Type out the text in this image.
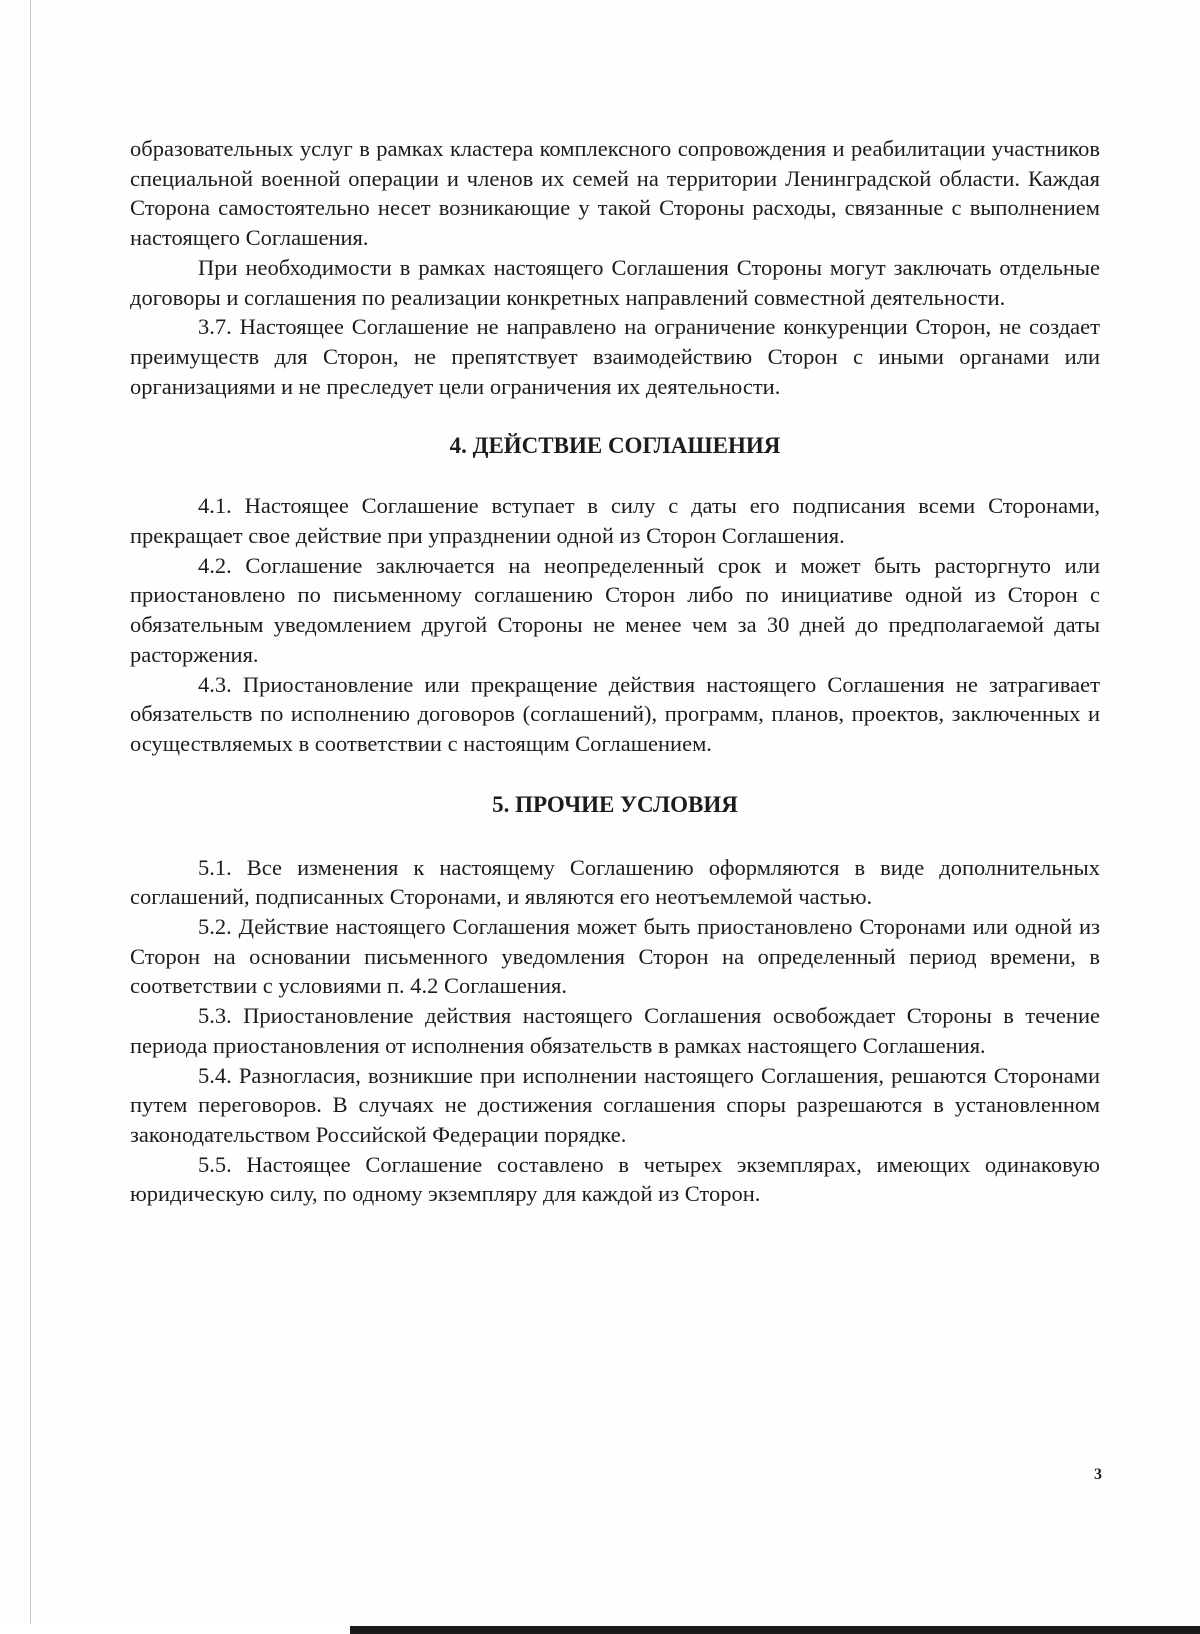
образовательных услуг в рамках кластера комплексного сопровождения и реабилитации участников специальной военной операции и членов их семей на территории Ленинградской области. Каждая Сторона самостоятельно несет возникающие у такой Стороны расходы, связанные с выполнением настоящего Соглашения.

При необходимости в рамках настоящего Соглашения Стороны могут заключать отдельные договоры и соглашения по реализации конкретных направлений совместной деятельности.

3.7. Настоящее Соглашение не направлено на ограничение конкуренции Сторон, не создает преимуществ для Сторон, не препятствует взаимодействию Сторон с иными органами или организациями и не преследует цели ограничения их деятельности.

4. ДЕЙСТВИЕ СОГЛАШЕНИЯ

4.1. Настоящее Соглашение вступает в силу с даты его подписания всеми Сторонами, прекращает свое действие при упразднении одной из Сторон Соглашения.

4.2. Соглашение заключается на неопределенный срок и может быть расторгнуто или приостановлено по письменному соглашению Сторон либо по инициативе одной из Сторон с обязательным уведомлением другой Стороны не менее чем за 30 дней до предполагаемой даты расторжения.

4.3. Приостановление или прекращение действия настоящего Соглашения не затрагивает обязательств по исполнению договоров (соглашений), программ, планов, проектов, заключенных и осуществляемых в соответствии с настоящим Соглашением.

5. ПРОЧИЕ УСЛОВИЯ

5.1. Все изменения к настоящему Соглашению оформляются в виде дополнительных соглашений, подписанных Сторонами, и являются его неотъемлемой частью.

5.2. Действие настоящего Соглашения может быть приостановлено Сторонами или одной из Сторон на основании письменного уведомления Сторон на определенный период времени, в соответствии с условиями п. 4.2 Соглашения.

5.3. Приостановление действия настоящего Соглашения освобождает Стороны в течение периода приостановления от исполнения обязательств в рамках настоящего Соглашения.

5.4. Разногласия, возникшие при исполнении настоящего Соглашения, решаются Сторонами путем переговоров. В случаях не достижения соглашения споры разрешаются в установленном законодательством Российской Федерации порядке.

5.5. Настоящее Соглашение составлено в четырех экземплярах, имеющих одинаковую юридическую силу, по одному экземпляру для каждой из Сторон.

3
